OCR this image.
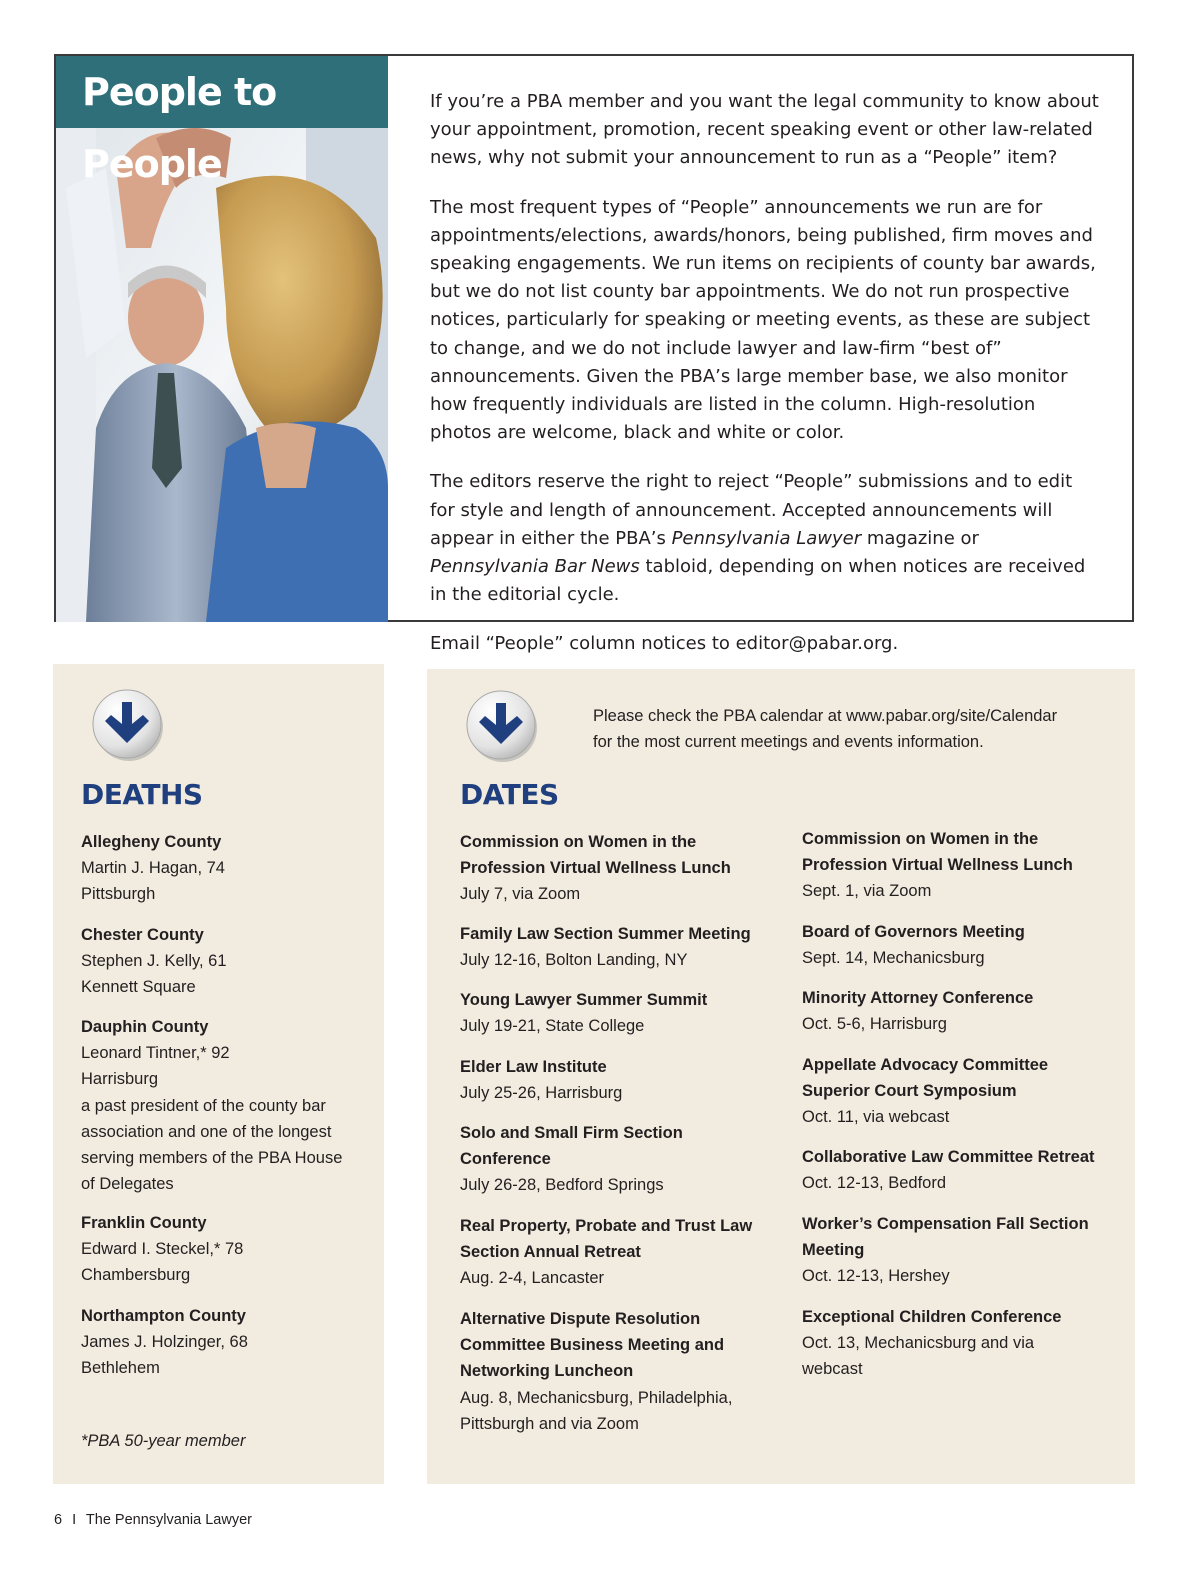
People to People

If you’re a PBA member and you want the legal community to know about your appointment, promotion, recent speaking event or other law-related news, why not submit your announcement to run as a “People” item?

The most frequent types of “People” announcements we run are for appointments/elections, awards/honors, being published, firm moves and speaking engagements. We run items on recipients of county bar awards, but we do not list county bar appointments. We do not run prospective notices, particularly for speaking or meeting events, as these are subject to change, and we do not include lawyer and law-firm “best of” announcements. Given the PBA’s large member base, we also monitor how frequently individuals are listed in the column. High-resolution photos are welcome, black and white or color.

The editors reserve the right to reject “People” submissions and to edit for style and length of announcement. Accepted announcements will appear in either the PBA’s Pennsylvania Lawyer magazine or Pennsylvania Bar News tabloid, depending on when notices are received in the editorial cycle.

Email “People” column notices to editor@pabar.org.

DEATHS
Allegheny County
Martin J. Hagan, 74
Pittsburgh
Chester County
Stephen J. Kelly, 61
Kennett Square
Dauphin County
Leonard Tintner,* 92
Harrisburg
a past president of the county bar
association and one of the longest
serving members of the PBA House
of Delegates
Franklin County
Edward I. Steckel,* 78
Chambersburg
Northampton County
James J. Holzinger, 68
Bethlehem
*PBA 50-year member
Please check the PBA calendar at www.pabar.org/site/Calendar
for the most current meetings and events information.
DATES
Commission on Women in the
Profession Virtual Wellness Lunch
July 7, via Zoom
Family Law Section Summer Meeting
July 12-16, Bolton Landing, NY
Young Lawyer Summer Summit
July 19-21, State College
Elder Law Institute
July 25-26, Harrisburg
Solo and Small Firm Section
Conference
July 26-28, Bedford Springs
Real Property, Probate and Trust Law
Section Annual Retreat
Aug. 2-4, Lancaster
Alternative Dispute Resolution
Committee Business Meeting and
Networking Luncheon
Aug. 8, Mechanicsburg, Philadelphia,
Pittsburgh and via Zoom
Commission on Women in the
Profession Virtual Wellness Lunch
Sept. 1, via Zoom
Board of Governors Meeting
Sept. 14, Mechanicsburg
Minority Attorney Conference
Oct. 5-6, Harrisburg
Appellate Advocacy Committee
Superior Court Symposium
Oct. 11, via webcast
Collaborative Law Committee Retreat
Oct. 12-13, Bedford
Worker’s Compensation Fall Section
Meeting
Oct. 12-13, Hershey
Exceptional Children Conference
Oct. 13, Mechanicsburg and via
webcast
6 I The Pennsylvania Lawyer
